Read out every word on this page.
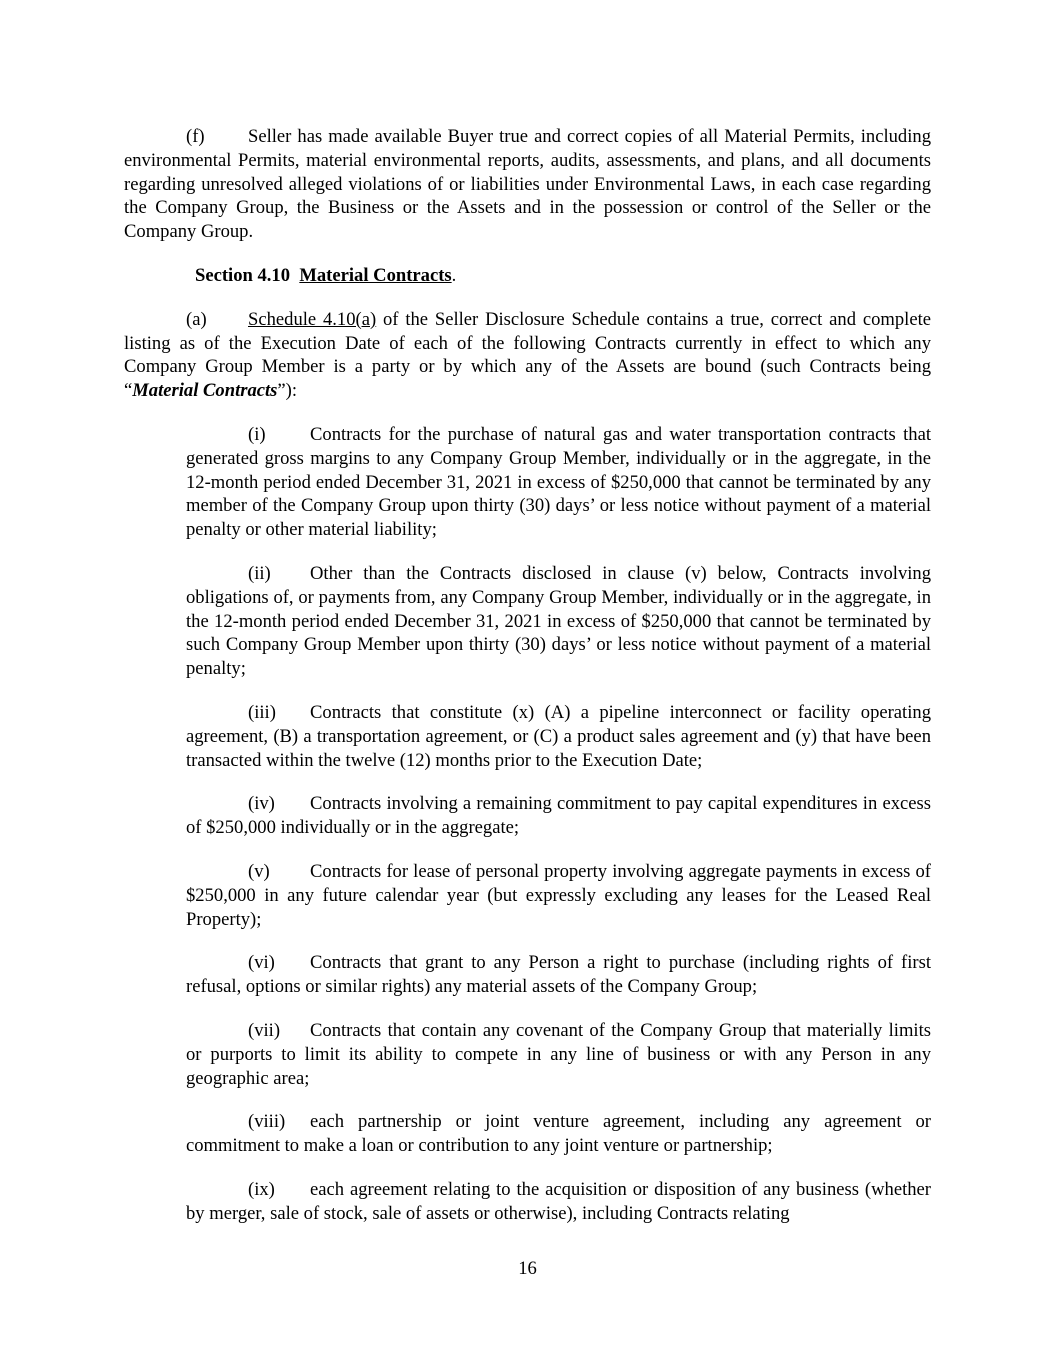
(f) Seller has made available Buyer true and correct copies of all Material Permits, including environmental Permits, material environmental reports, audits, assessments, and plans, and all documents regarding unresolved alleged violations of or liabilities under Environmental Laws, in each case regarding the Company Group, the Business or the Assets and in the possession or control of the Seller or the Company Group.

Section 4.10 Material Contracts.

(a) Schedule 4.10(a) of the Seller Disclosure Schedule contains a true, correct and complete listing as of the Execution Date of each of the following Contracts currently in effect to which any Company Group Member is a party or by which any of the Assets are bound (such Contracts being “Material Contracts”):

(i) Contracts for the purchase of natural gas and water transportation contracts that generated gross margins to any Company Group Member, individually or in the aggregate, in the 12-month period ended December 31, 2021 in excess of $250,000 that cannot be terminated by any member of the Company Group upon thirty (30) days’ or less notice without payment of a material penalty or other material liability;

(ii) Other than the Contracts disclosed in clause (v) below, Contracts involving obligations of, or payments from, any Company Group Member, individually or in the aggregate, in the 12-month period ended December 31, 2021 in excess of $250,000 that cannot be terminated by such Company Group Member upon thirty (30) days’ or less notice without payment of a material penalty;

(iii) Contracts that constitute (x) (A) a pipeline interconnect or facility operating agreement, (B) a transportation agreement, or (C) a product sales agreement and (y) that have been transacted within the twelve (12) months prior to the Execution Date;

(iv) Contracts involving a remaining commitment to pay capital expenditures in excess of $250,000 individually or in the aggregate;

(v) Contracts for lease of personal property involving aggregate payments in excess of $250,000 in any future calendar year (but expressly excluding any leases for the Leased Real Property);

(vi) Contracts that grant to any Person a right to purchase (including rights of first refusal, options or similar rights) any material assets of the Company Group;

(vii) Contracts that contain any covenant of the Company Group that materially limits or purports to limit its ability to compete in any line of business or with any Person in any geographic area;

(viii) each partnership or joint venture agreement, including any agreement or commitment to make a loan or contribution to any joint venture or partnership;

(ix) each agreement relating to the acquisition or disposition of any business (whether by merger, sale of stock, sale of assets or otherwise), including Contracts relating

16
